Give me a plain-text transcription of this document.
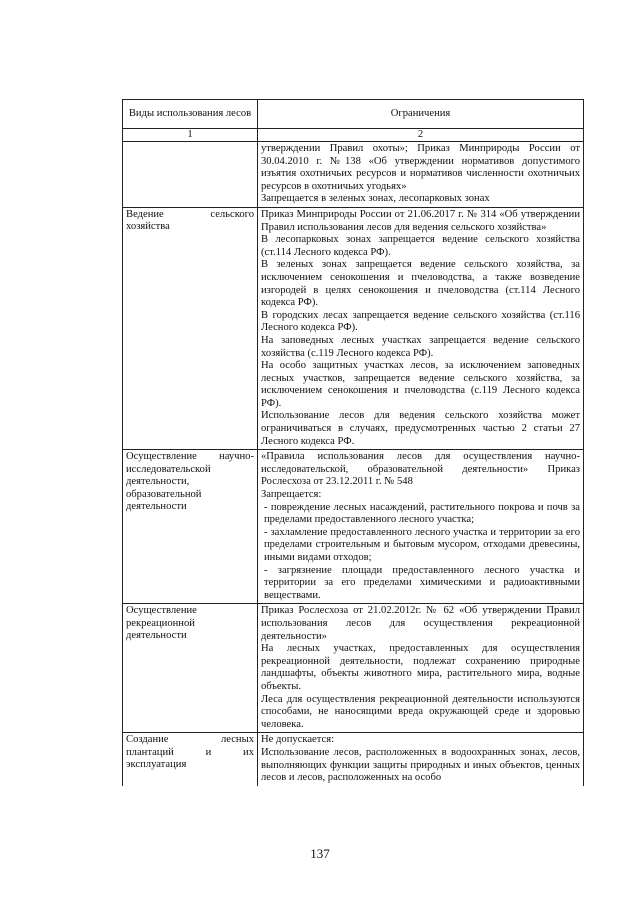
Виды использования лесов	Ограничения
1	2

утверждении Правил охоты»; Приказ Минприроды России от 30.04.2010 г. №138 «Об утверждении нормативов допустимого изъятия охотничьих ресурсов и нормативов численности охотничьих ресурсов в охотничьих угодьях»

Запрещается в зеленых зонах, лесопарковых зонах

Ведение сельского хозяйства

Приказ Минприроды России от 21.06.2017 г. № 314 «Об утверждении Правил использования лесов для ведения сельского хозяйства»

В лесопарковых зонах запрещается ведение сельского хозяйства (ст.114 Лесного кодекса РФ).

В зеленых зонах запрещается ведение сельского хозяйства, за исключением сенокошения и пчеловодства, а также возведение изгородей в целях сенокошения и пчеловодства (ст.114 Лесного кодекса РФ).

В городских лесах запрещается ведение сельского хозяйства (ст.116 Лесного кодекса РФ).

На заповедных лесных участках запрещается ведение сельского хозяйства (с.119 Лесного кодекса РФ).

На особо защитных участках лесов, за исключением заповедных лесных участков, запрещается ведение сельского хозяйства, за исключением сенокошения и пчеловодства (с.119 Лесного кодекса РФ).

Использование лесов для ведения сельского хозяйства может ограничиваться в случаях, предусмотренных частью 2 статьи 27 Лесного кодекса РФ.

Осуществление научно-исследовательской деятельности, образовательной деятельности

«Правила использования лесов для осуществления научно-исследовательской, образовательной деятельности» Приказ Рослесхоза от 23.12.2011 г. № 548

Запрещается:

- повреждение лесных насаждений, растительного покрова и почв за пределами предоставленного лесного участка;

- захламление предоставленного лесного участка и территории за его пределами строительным и бытовым мусором, отходами древесины, иными видами отходов;

- загрязнение площади предоставленного лесного участка и территории за его пределами химическими и радиоактивными веществами.

Осуществление рекреационной деятельности

Приказ Рослесхоза от 21.02.2012г. № 62 «Об утверждении Правил использования лесов для осуществления рекреационной деятельности»

На лесных участках, предоставленных для осуществления рекреационной деятельности, подлежат сохранению природные ландшафты, объекты животного мира, растительного мира, водные объекты.

Леса для осуществления рекреационной деятельности используются способами, не наносящими вреда окружающей среде и здоровью человека.

Создание лесных плантаций и их эксплуатация

Не допускается:

Использование лесов, расположенных в водоохранных зонах, лесов, выполняющих функции защиты природных и иных объектов, ценных лесов и лесов, расположенных на особо

137
